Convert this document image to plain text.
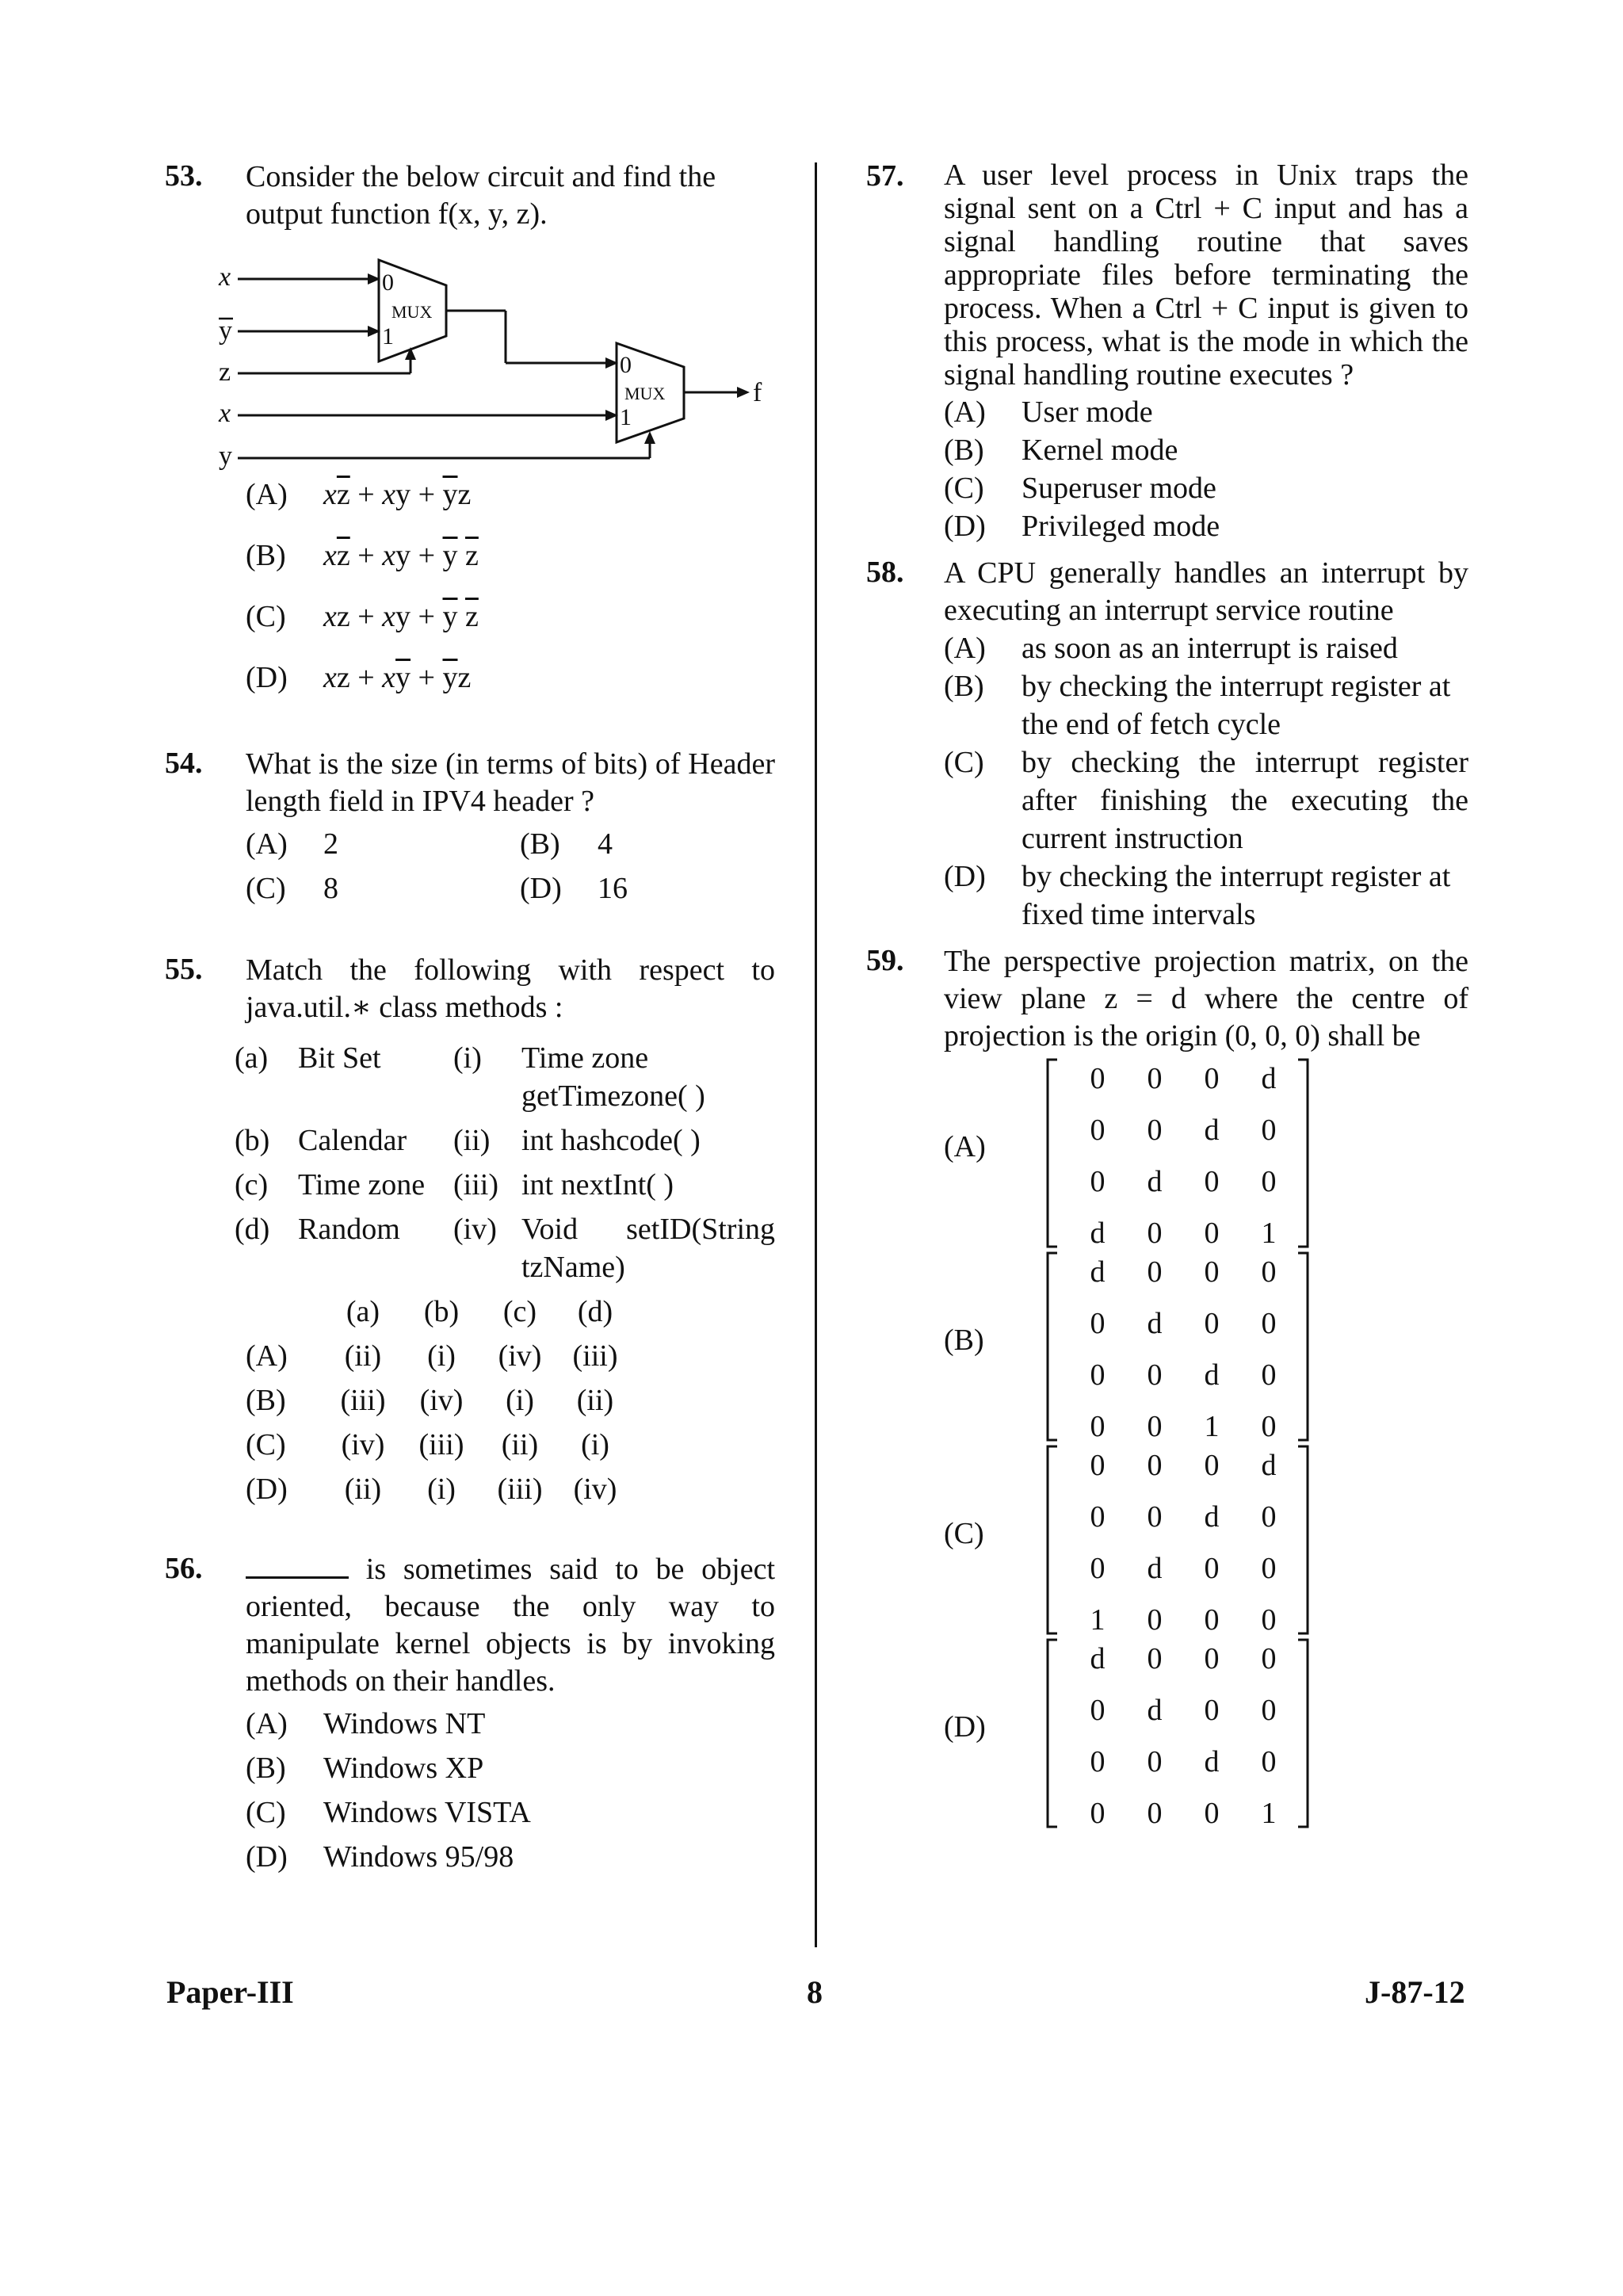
53. Consider the below circuit and find the output function f(x, y, z).
x
y
z
x
y
0
MUX
1
0
MUX
1
f
(A)	$x\overline{z}$ + xy + $\overline{y}z$
(B)	$x\overline{z}$ + xy + $\overline{y}$ $\overline{z}$
(C)	xz + xy + $\overline{y}$ $\overline{z}$
(D)	xz + $x\overline{y} + \overline{y}z$
54. What is the size (in terms of bits) of Header length field in IPV4 header ?
(A)	2	(B)	4
(C)	8	(D)	16
55. Match the following with respect to java.util.∗ class methods :
(a) Bit Set	(i)	Time zone getTimezone( )
(b) Calendar	(ii)	int hashcode( )
(c) Time zone (iii) int nextInt( )
(d) Random	(iv) Void setID(String tzName)
(a)	(b)	(c)	(d)
(A)	(ii)	(i)	(iv)	(iii)
(B)	(iii)	(iv)	(i)	(ii)
(C)	(iv)	(iii)	(ii)	(i)
(D)	(ii)	(i)	(iii)	(iv)
56.	is sometimes said to be object oriented, because the only way to manipulate kernel objects is by invoking methods on their handles.
(A)	Windows NT
(B)	Windows XP
(C)	Windows VISTA
(D)	Windows 95/98
57. A user level process in Unix traps the signal sent on a Ctrl + C input and has a signal handling routine that saves appropriate files before terminating the process. When a Ctrl + C input is given to this process, what is the mode in which the signal handling routine executes ?
(A)	User mode
(B)	Kernel mode
(C)	Superuser mode
(D)	Privileged mode
58. A CPU generally handles an interrupt by executing an interrupt service routine
(A)	as soon as an interrupt is raised
(B)	by checking the interrupt register at the end of fetch cycle
(C)	by checking the interrupt register after finishing the executing the current instruction
(D)	by checking the interrupt register at fixed time intervals
59. The perspective projection matrix, on the view plane z = d where the centre of projection is the origin (0, 0, 0) shall be
(A)
0	0	0	d
0	0	d	0
0	d	0	0
d	0	0	1
(B)
d	0	0	0
0	d	0	0
0	0	d	0
0	0	1	0
(C)
0	0	0	d
0	0	d	0
0	d	0	0
1	0	0	0
(D)
d	0	0	0
0	d	0	0
0	0	d	0
0	0	0	1
Paper-III	8	J-87-12
